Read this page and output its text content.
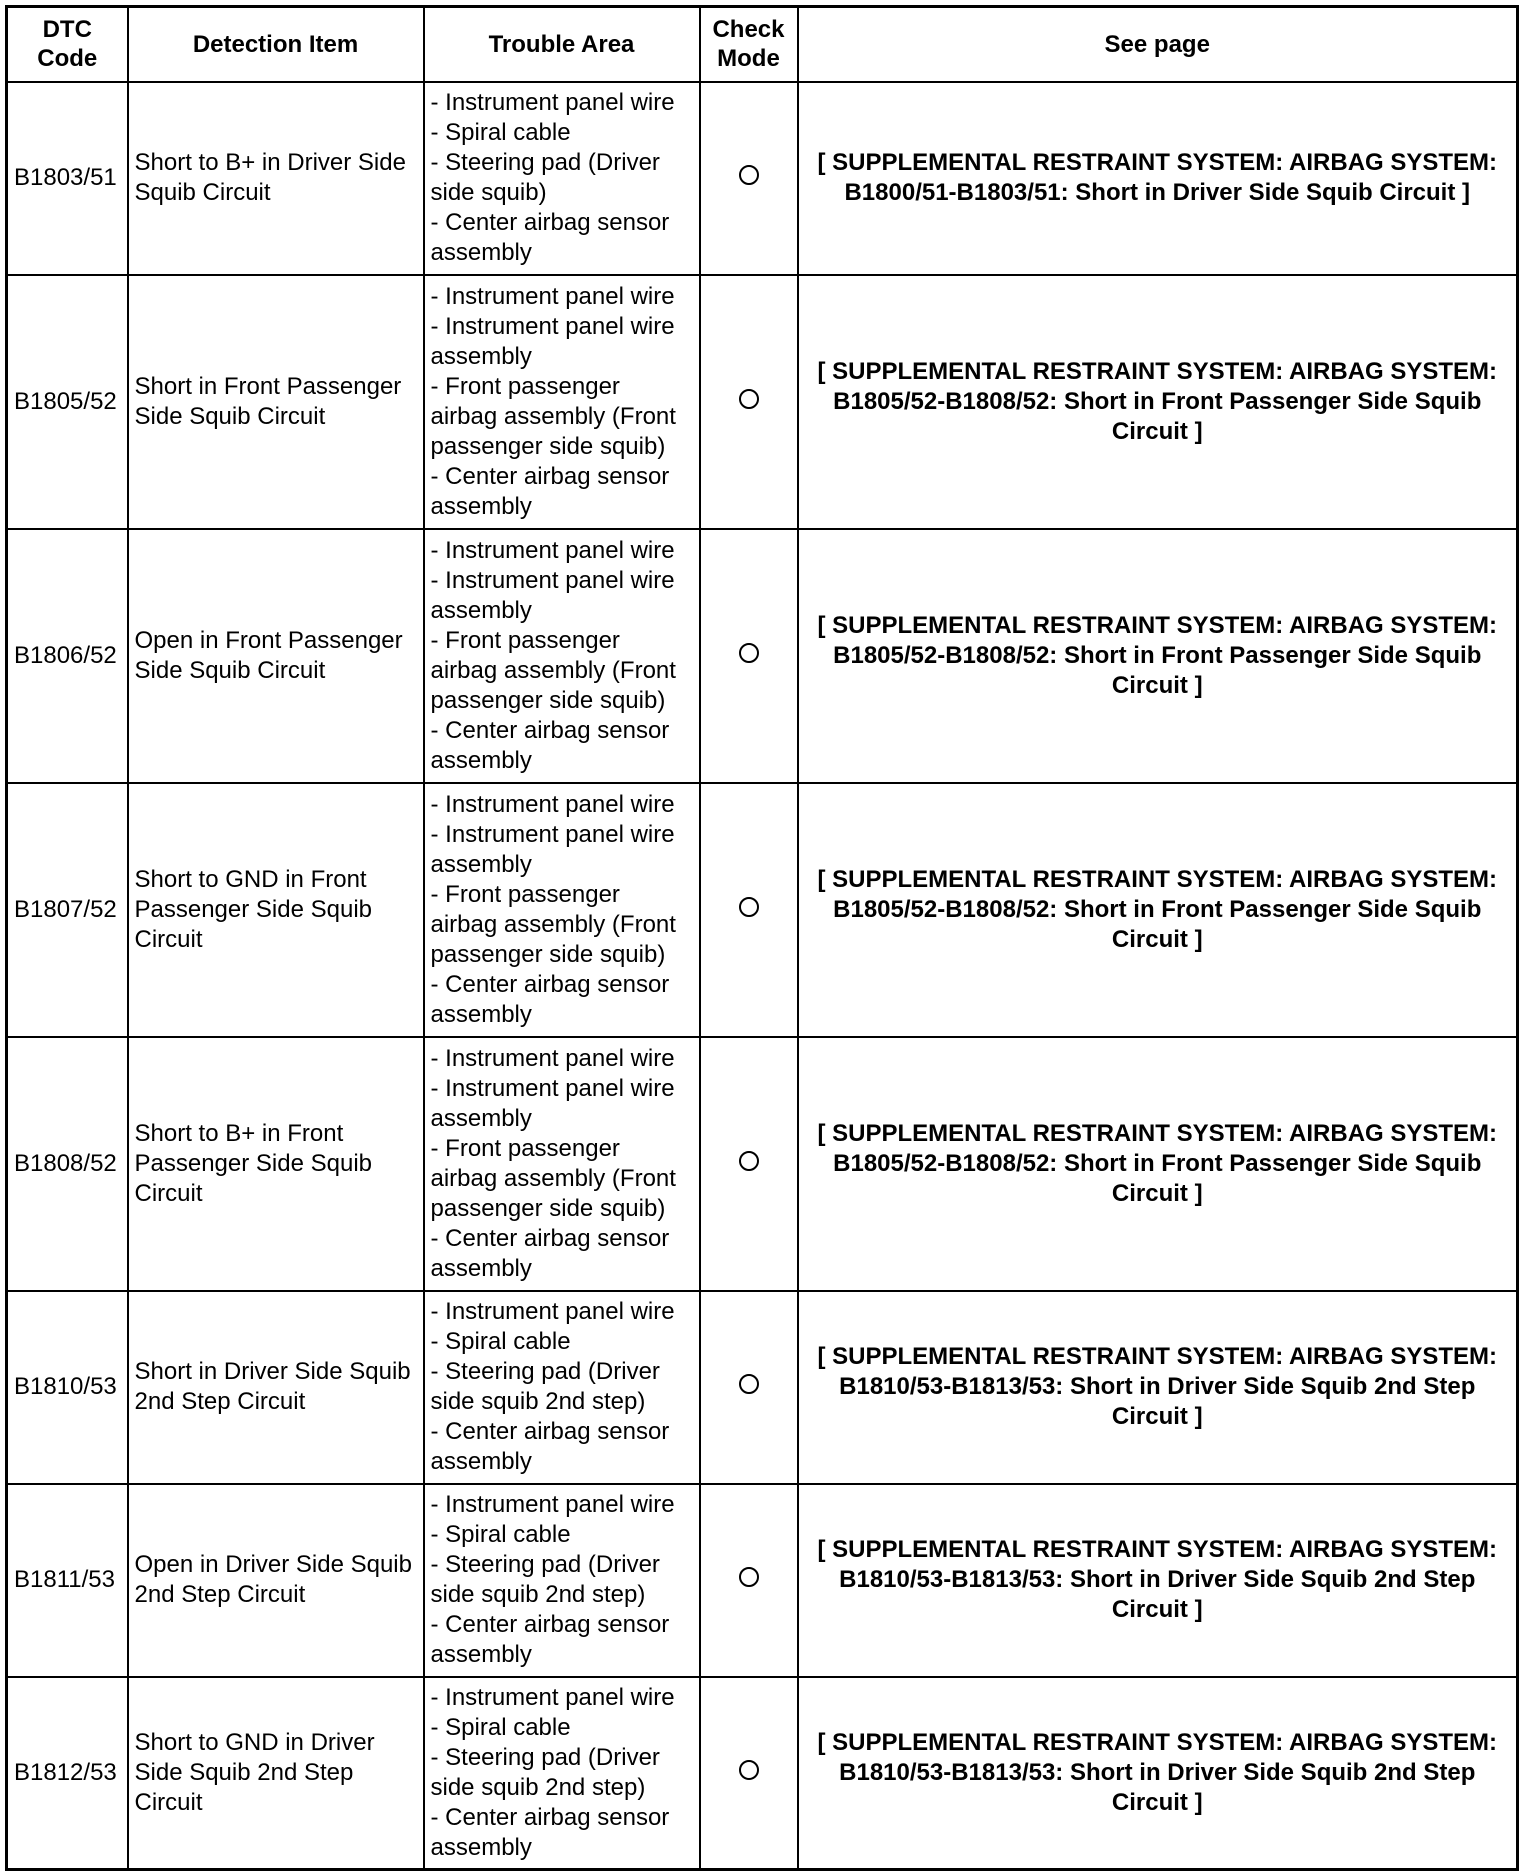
DTC
Code	Detection Item	Trouble Area	Check
Mode	See page
B1803/51	Short to B+ in Driver Side Squib Circuit	- Instrument panel wire
- Spiral cable
- Steering pad (Driver side squib)
- Center airbag sensor assembly		[ SUPPLEMENTAL RESTRAINT SYSTEM: AIRBAG SYSTEM: B1800/51-B1803/51: Short in Driver Side Squib Circuit ]
B1805/52	Short in Front Passenger Side Squib Circuit	- Instrument panel wire
- Instrument panel wire assembly
- Front passenger airbag assembly (Front passenger side squib)
- Center airbag sensor assembly		[ SUPPLEMENTAL RESTRAINT SYSTEM: AIRBAG SYSTEM: B1805/52-B1808/52: Short in Front Passenger Side Squib Circuit ]
B1806/52	Open in Front Passenger Side Squib Circuit	- Instrument panel wire
- Instrument panel wire assembly
- Front passenger airbag assembly (Front passenger side squib)
- Center airbag sensor assembly		[ SUPPLEMENTAL RESTRAINT SYSTEM: AIRBAG SYSTEM: B1805/52-B1808/52: Short in Front Passenger Side Squib Circuit ]
B1807/52	Short to GND in Front Passenger Side Squib Circuit	- Instrument panel wire
- Instrument panel wire assembly
- Front passenger airbag assembly (Front passenger side squib)
- Center airbag sensor assembly		[ SUPPLEMENTAL RESTRAINT SYSTEM: AIRBAG SYSTEM: B1805/52-B1808/52: Short in Front Passenger Side Squib Circuit ]
B1808/52	Short to B+ in Front Passenger Side Squib Circuit	- Instrument panel wire
- Instrument panel wire assembly
- Front passenger airbag assembly (Front passenger side squib)
- Center airbag sensor assembly		[ SUPPLEMENTAL RESTRAINT SYSTEM: AIRBAG SYSTEM: B1805/52-B1808/52: Short in Front Passenger Side Squib Circuit ]
B1810/53	Short in Driver Side Squib 2nd Step Circuit	- Instrument panel wire
- Spiral cable
- Steering pad (Driver side squib 2nd step)
- Center airbag sensor assembly		[ SUPPLEMENTAL RESTRAINT SYSTEM: AIRBAG SYSTEM: B1810/53-B1813/53: Short in Driver Side Squib 2nd Step Circuit ]
B1811/53	Open in Driver Side Squib 2nd Step Circuit	- Instrument panel wire
- Spiral cable
- Steering pad (Driver side squib 2nd step)
- Center airbag sensor assembly		[ SUPPLEMENTAL RESTRAINT SYSTEM: AIRBAG SYSTEM: B1810/53-B1813/53: Short in Driver Side Squib 2nd Step Circuit ]
B1812/53	Short to GND in Driver Side Squib 2nd Step Circuit	- Instrument panel wire
- Spiral cable
- Steering pad (Driver side squib 2nd step)
- Center airbag sensor assembly		[ SUPPLEMENTAL RESTRAINT SYSTEM: AIRBAG SYSTEM: B1810/53-B1813/53: Short in Driver Side Squib 2nd Step Circuit ]
